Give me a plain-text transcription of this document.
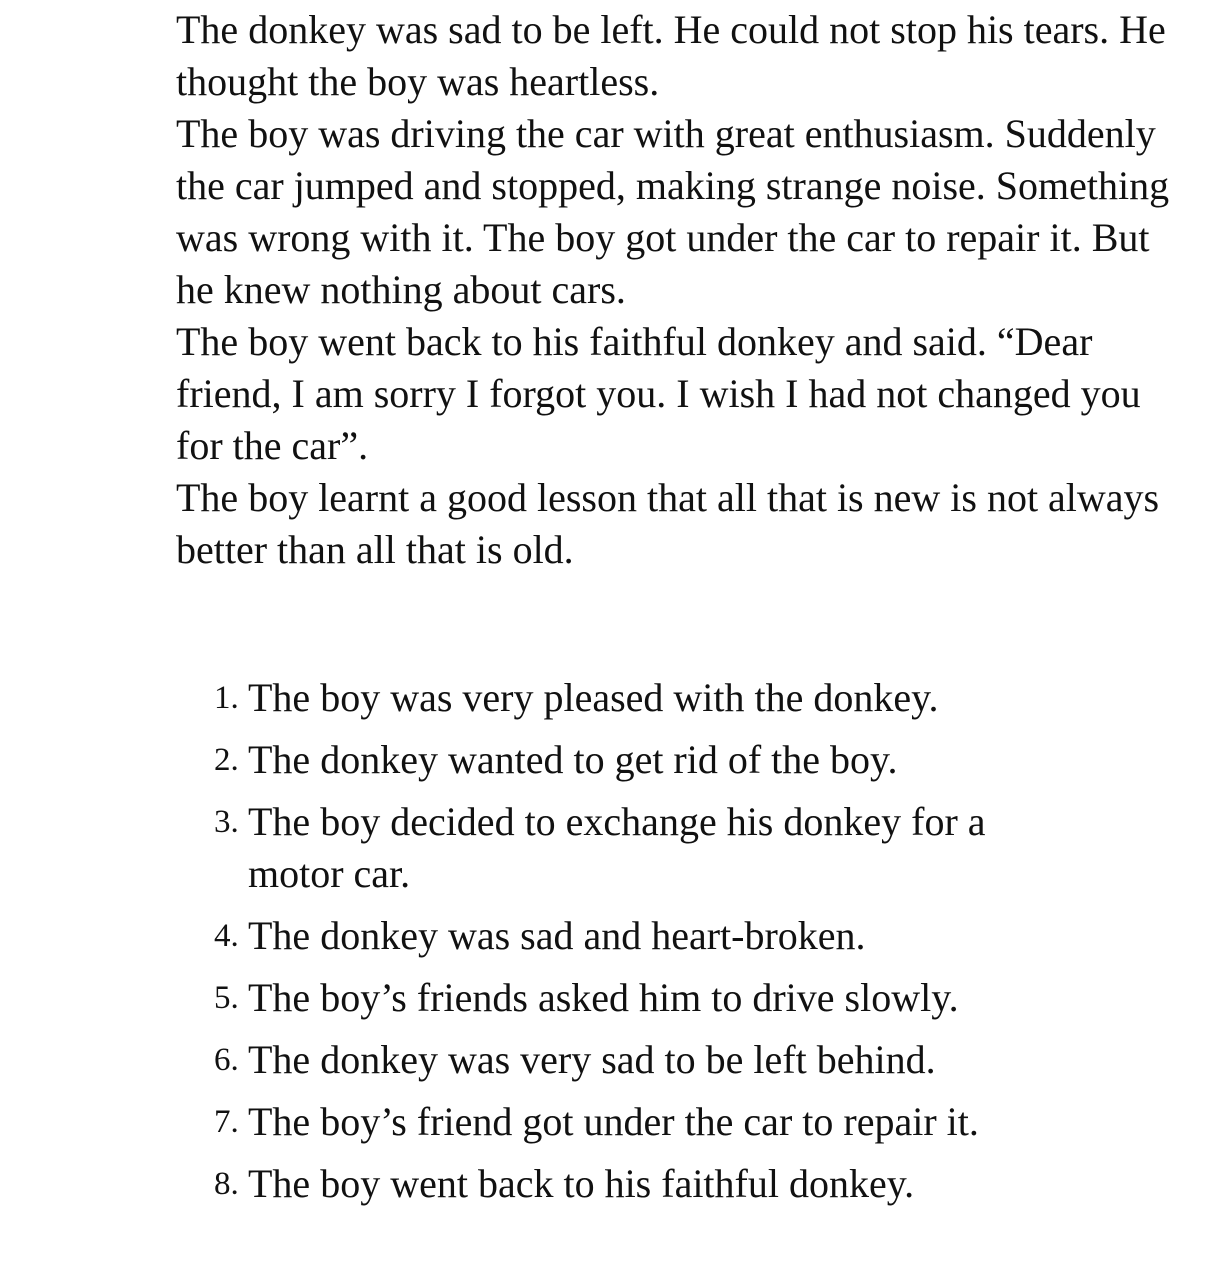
The donkey was sad to be left. He could not stop his tears. He thought the boy was heartless.

The boy was driving the car with great enthusiasm. Suddenly the car jumped and stopped, making strange noise. Something was wrong with it. The boy got under the car to repair it. But he knew nothing about cars.

The boy went back to his faithful donkey and said. “Dear friend, I am sorry I forgot you. I wish I had not changed you for the car”.

The boy learnt a good lesson that all that is new is not always better than all that is old.

1. The boy was very pleased with the donkey.
2. The donkey wanted to get rid of the boy.
3. The boy decided to exchange his donkey for a motor car.
4. The donkey was sad and heart-broken.
5. The boy’s friends asked him to drive slowly.
6. The donkey was very sad to be left behind.
7. The boy’s friend got under the car to repair it.
8. The boy went back to his faithful donkey.
